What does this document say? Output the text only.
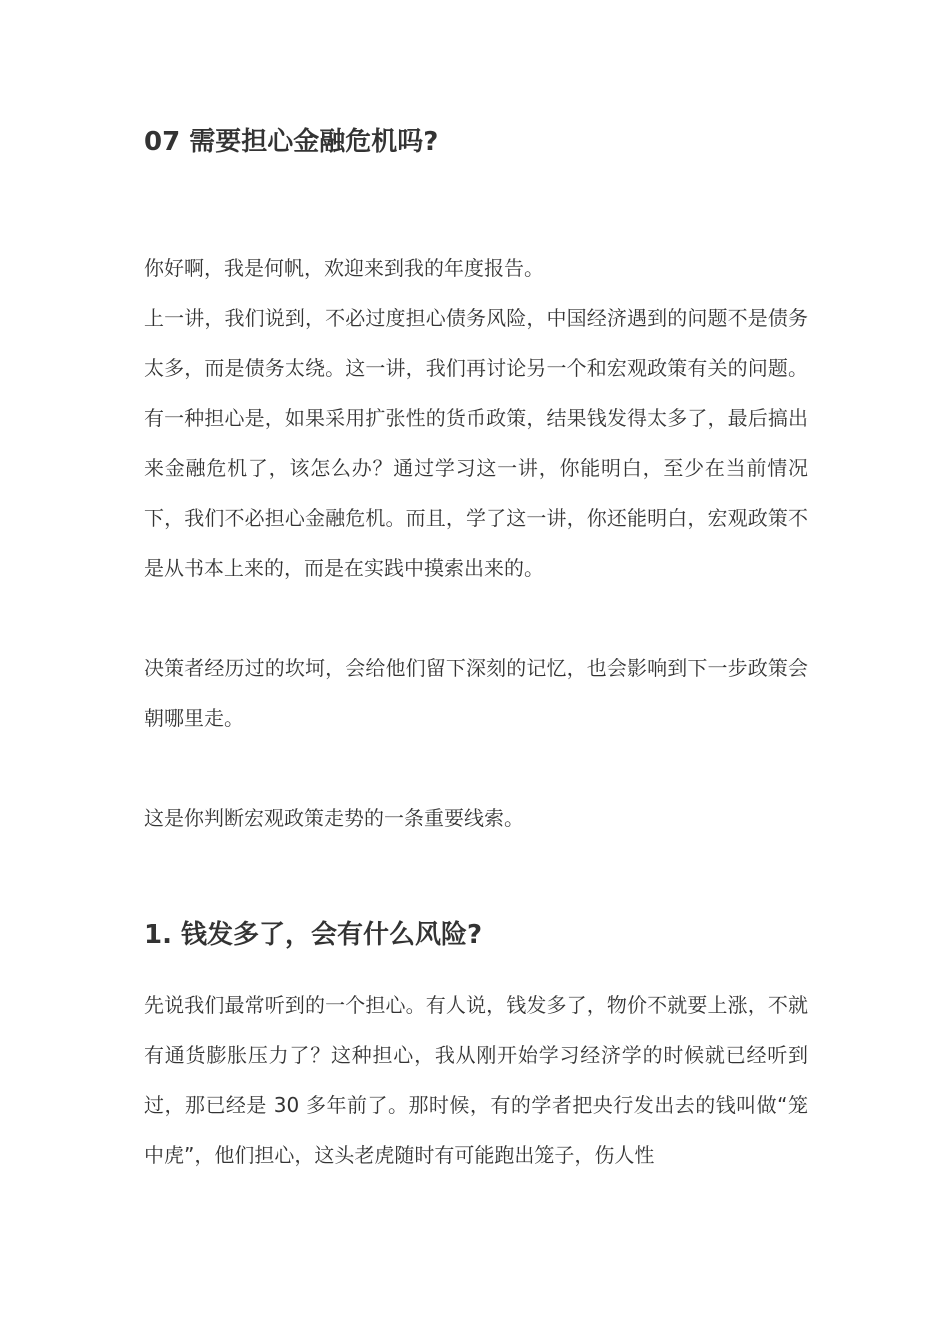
07 需要担心金融危机吗?

你好啊，我是何帆，欢迎来到我的年度报告。

上一讲，我们说到，不必过度担心债务风险，中国经济遇到的问题不是债务太多，而是债务太绕。这一讲，我们再讨论另一个和宏观政策有关的问题。有一种担心是，如果采用扩张性的货币政策，结果钱发得太多了，最后搞出来金融危机了，该怎么办？通过学习这一讲，你能明白，至少在当前情况下，我们不必担心金融危机。而且，学了这一讲，你还能明白，宏观政策不是从书本上来的，而是在实践中摸索出来的。

决策者经历过的坎坷，会给他们留下深刻的记忆，也会影响到下一步政策会朝哪里走。

这是你判断宏观政策走势的一条重要线索。

1. 钱发多了，会有什么风险?

先说我们最常听到的一个担心。有人说，钱发多了，物价不就要上涨，不就有通货膨胀压力了？这种担心，我从刚开始学习经济学的时候就已经听到过，那已经是 30 多年前了。那时候，有的学者把央行发出去的钱叫做“笼中虎”，他们担心，这头老虎随时有可能跑出笼子，伤人性
